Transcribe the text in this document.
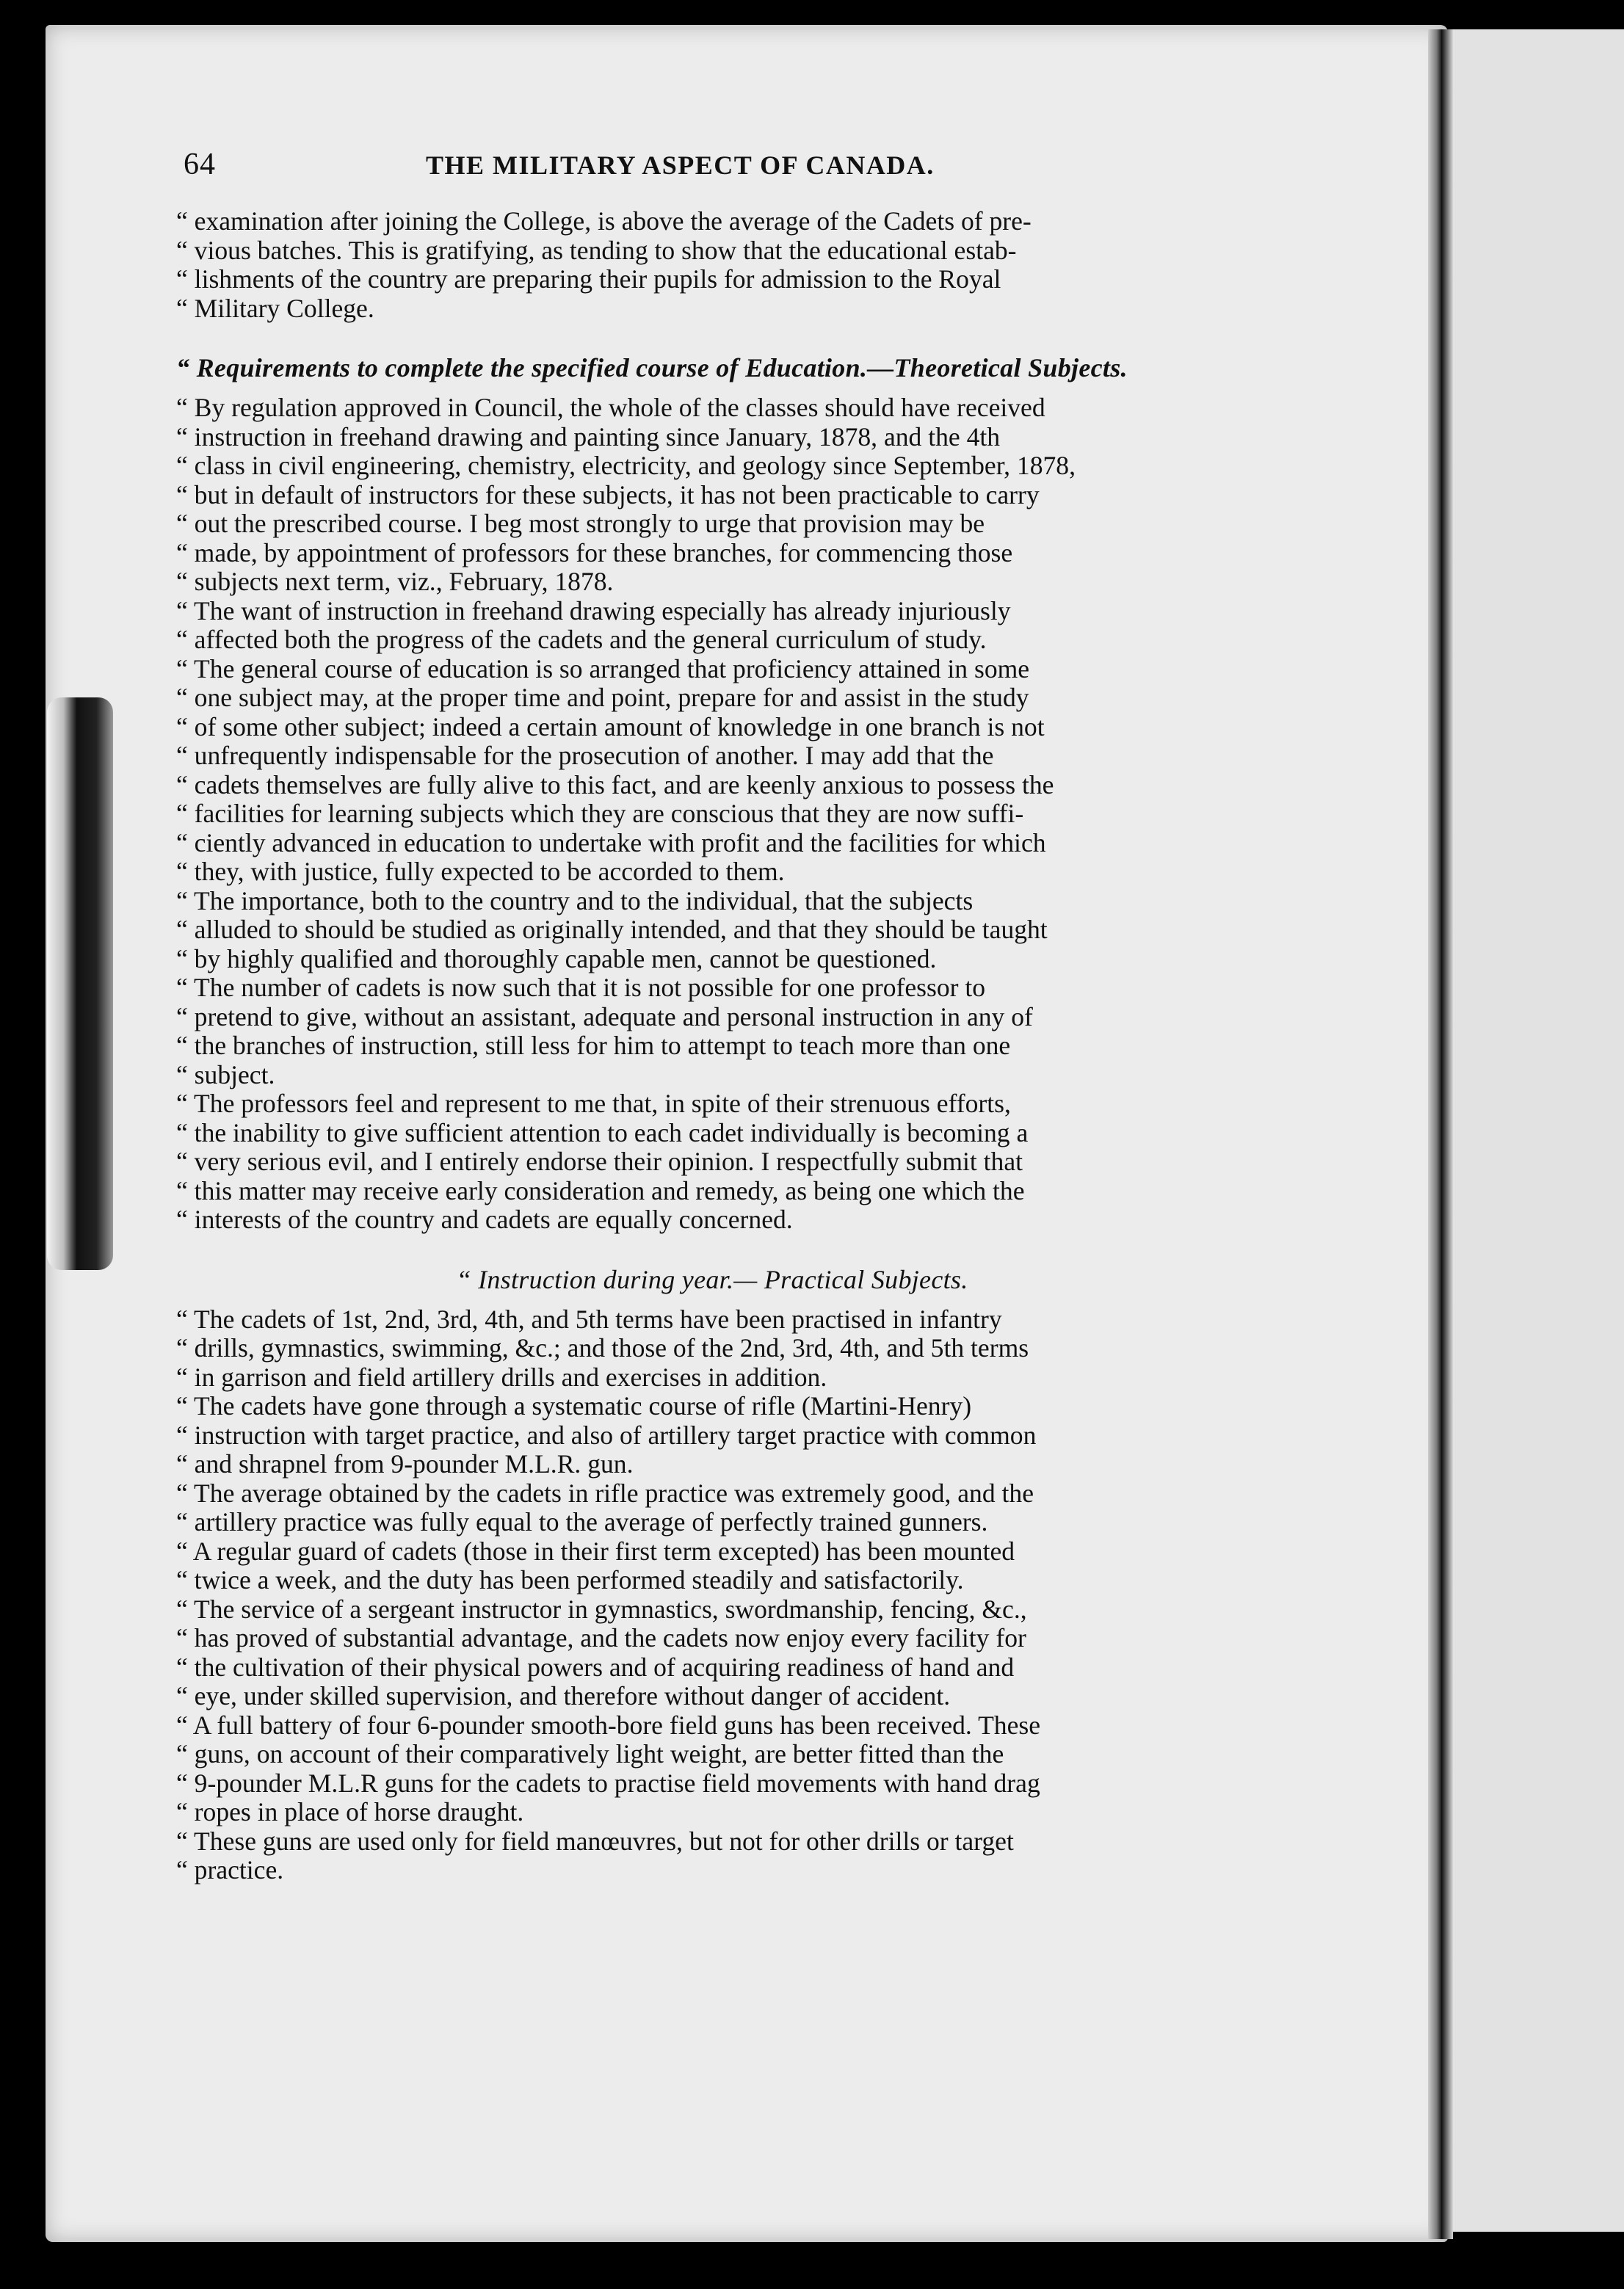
64	THE MILITARY ASPECT OF CANADA.

“ examination after joining the College, is above the average of the Cadets of pre-
“ vious batches. This is gratifying, as tending to show that the educational estab-
“ lishments of the country are preparing their pupils for admission to the Royal
“ Military College.

“ Requirements to complete the specified course of Education.—Theoretical Subjects.

“ By regulation approved in Council, the whole of the classes should have received
“ instruction in freehand drawing and painting since January, 1878, and the 4th
“ class in civil engineering, chemistry, electricity, and geology since September, 1878,
“ but in default of instructors for these subjects, it has not been practicable to carry
“ out the prescribed course. I beg most strongly to urge that provision may be
“ made, by appointment of professors for these branches, for commencing those
“ subjects next term, viz., February, 1878.

“ The want of instruction in freehand drawing especially has already injuriously
“ affected both the progress of the cadets and the general curriculum of study.

“ The general course of education is so arranged that proficiency attained in some
“ one subject may, at the proper time and point, prepare for and assist in the study
“ of some other subject; indeed a certain amount of knowledge in one branch is not
“ unfrequently indispensable for the prosecution of another. I may add that the
“ cadets themselves are fully alive to this fact, and are keenly anxious to possess the
“ facilities for learning subjects which they are conscious that they are now suffi-
“ ciently advanced in education to undertake with profit and the facilities for which
“ they, with justice, fully expected to be accorded to them.

“ The importance, both to the country and to the individual, that the subjects
“ alluded to should be studied as originally intended, and that they should be taught
“ by highly qualified and thoroughly capable men, cannot be questioned.

“ The number of cadets is now such that it is not possible for one professor to
“ pretend to give, without an assistant, adequate and personal instruction in any of
“ the branches of instruction, still less for him to attempt to teach more than one
“ subject.

“ The professors feel and represent to me that, in spite of their strenuous efforts,
“ the inability to give sufficient attention to each cadet individually is becoming a
“ very serious evil, and I entirely endorse their opinion. I respectfully submit that
“ this matter may receive early consideration and remedy, as being one which the
“ interests of the country and cadets are equally concerned.

“ Instruction during year.— Practical Subjects.

“ The cadets of 1st, 2nd, 3rd, 4th, and 5th terms have been practised in infantry
“ drills, gymnastics, swimming, &c.; and those of the 2nd, 3rd, 4th, and 5th terms
“ in garrison and field artillery drills and exercises in addition.

“ The cadets have gone through a systematic course of rifle (Martini-Henry)
“ instruction with target practice, and also of artillery target practice with common
“ and shrapnel from 9-pounder M.L.R. gun.

“ The average obtained by the cadets in rifle practice was extremely good, and the
“ artillery practice was fully equal to the average of perfectly trained gunners.

“ A regular guard of cadets (those in their first term excepted) has been mounted
“ twice a week, and the duty has been performed steadily and satisfactorily.

“ The service of a sergeant instructor in gymnastics, swordmanship, fencing, &c.,
“ has proved of substantial advantage, and the cadets now enjoy every facility for
“ the cultivation of their physical powers and of acquiring readiness of hand and
“ eye, under skilled supervision, and therefore without danger of accident.

“ A full battery of four 6-pounder smooth-bore field guns has been received. These
“ guns, on account of their comparatively light weight, are better fitted than the
“ 9-pounder M.L.R guns for the cadets to practise field movements with hand drag
“ ropes in place of horse draught.

“ These guns are used only for field manœuvres, but not for other drills or target
“ practice.
